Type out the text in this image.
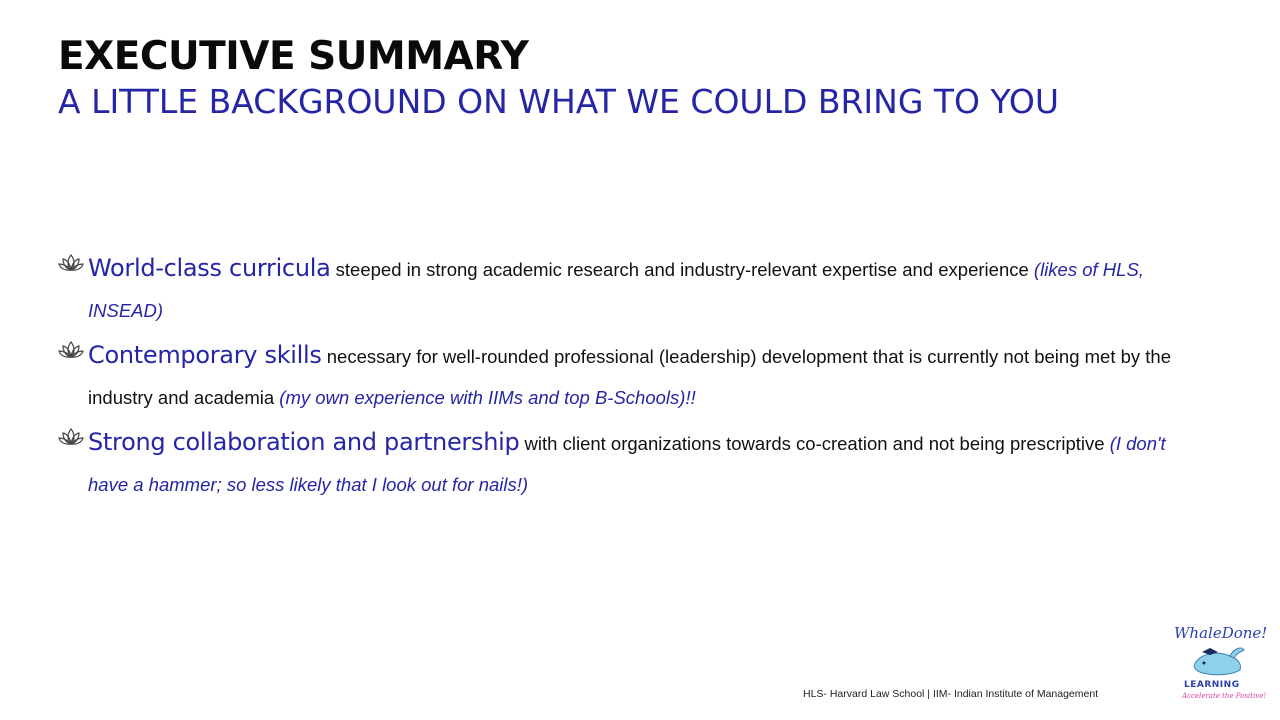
EXECUTIVE SUMMARY
A LITTLE BACKGROUND ON WHAT WE COULD BRING TO YOU
World-class curricula steeped in strong academic research and industry-relevant expertise and experience (likes of HLS, INSEAD)
Contemporary skills necessary for well-rounded professional (leadership) development that is currently not being met by the industry and academia (my own experience with IIMs and top B-Schools)!!
Strong collaboration and partnership with client organizations towards co-creation and not being prescriptive (I don't have a hammer; so less likely that I look out for nails!)
HLS- Harvard Law School | IIM- Indian Institute of Management
WhaleDone!
LEARNING
Accelerate the Positive!
